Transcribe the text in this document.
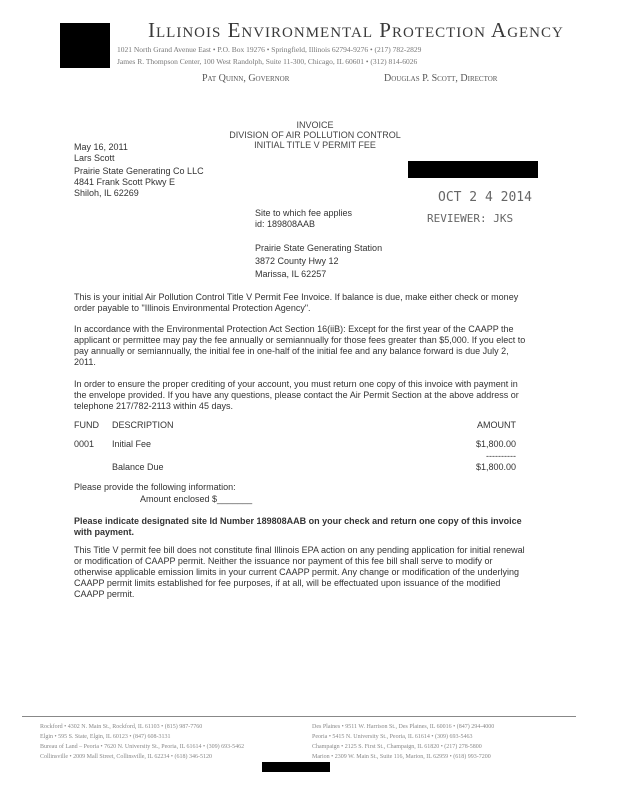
Illinois Environmental Protection Agency
1021 North Grand Avenue East • P.O. Box 19276 • Springfield, Illinois 62794-9276 • (217) 782-2829
James R. Thompson Center, 100 West Randolph, Suite 11-300, Chicago, IL 60601 • (312) 814-6026
Pat Quinn, Governor	Douglas P. Scott, Director
INVOICE
DIVISION OF AIR POLLUTION CONTROL
INITIAL TITLE V PERMIT FEE
May 16, 2011
Lars Scott
Prairie State Generating Co LLC
4841 Frank Scott Pkwy E
Shiloh, IL 62269	OCT 2 4 2014
REVIEWER: JKS
Site to which fee applies
id: 189808AAB
Prairie State Generating Station
3872 County Hwy 12
Marissa, IL 62257
This is your initial Air Pollution Control Title V Permit Fee Invoice. If balance is due, make either check or money order payable to "Illinois Environmental Protection Agency".
In accordance with the Environmental Protection Act Section 16(iiB): Except for the first year of the CAAPP the applicant or permittee may pay the fee annually or semiannually for those fees greater than $5,000. If you elect to pay annually or semiannually, the initial fee in one-half of the initial fee and any balance forward is due July 2, 2011.
In order to ensure the proper crediting of your account, you must return one copy of this invoice with payment in the envelope provided. If you have any questions, please contact the Air Permit Section at the above address or telephone 217/782-2113 within 45 days.
FUND DESCRIPTION	AMOUNT
0001 Initial Fee	$1,800.00
----------
Balance Due	$1,800.00
Please provide the following information:
Amount enclosed $_______
Please indicate designated site Id Number 189808AAB on your check and return one copy of this invoice with payment.
This Title V permit fee bill does not constitute final Illinois EPA action on any pending application for initial renewal or modification of CAAPP permit. Neither the issuance nor payment of this fee bill shall serve to modify or otherwise applicable emission limits in your current CAAPP permit. Any change or modification of the underlying CAAPP permit limits established for fee purposes, if at all, will be effectuated upon issuance of the modified CAAPP permit.
Rockford • 4302 N. Main St., Rockford, IL 61103 • (815) 987-7760
Elgin • 595 S. State, Elgin, IL 60123 • (847) 608-3131
Bureau of Land – Peoria • 7620 N. University St., Peoria, IL 61614 • (309) 693-5462
Collinsville • 2009 Mall Street, Collinsville, IL 62234 • (618) 346-5120
Des Plaines • 9511 W. Harrison St., Des Plaines, IL 60016 • (847) 294-4000
Peoria • 5415 N. University St., Peoria, IL 61614 • (309) 693-5463
Champaign • 2125 S. First St., Champaign, IL 61820 • (217) 278-5800
Marion • 2309 W. Main St., Suite 116, Marion, IL 62959 • (618) 993-7200
